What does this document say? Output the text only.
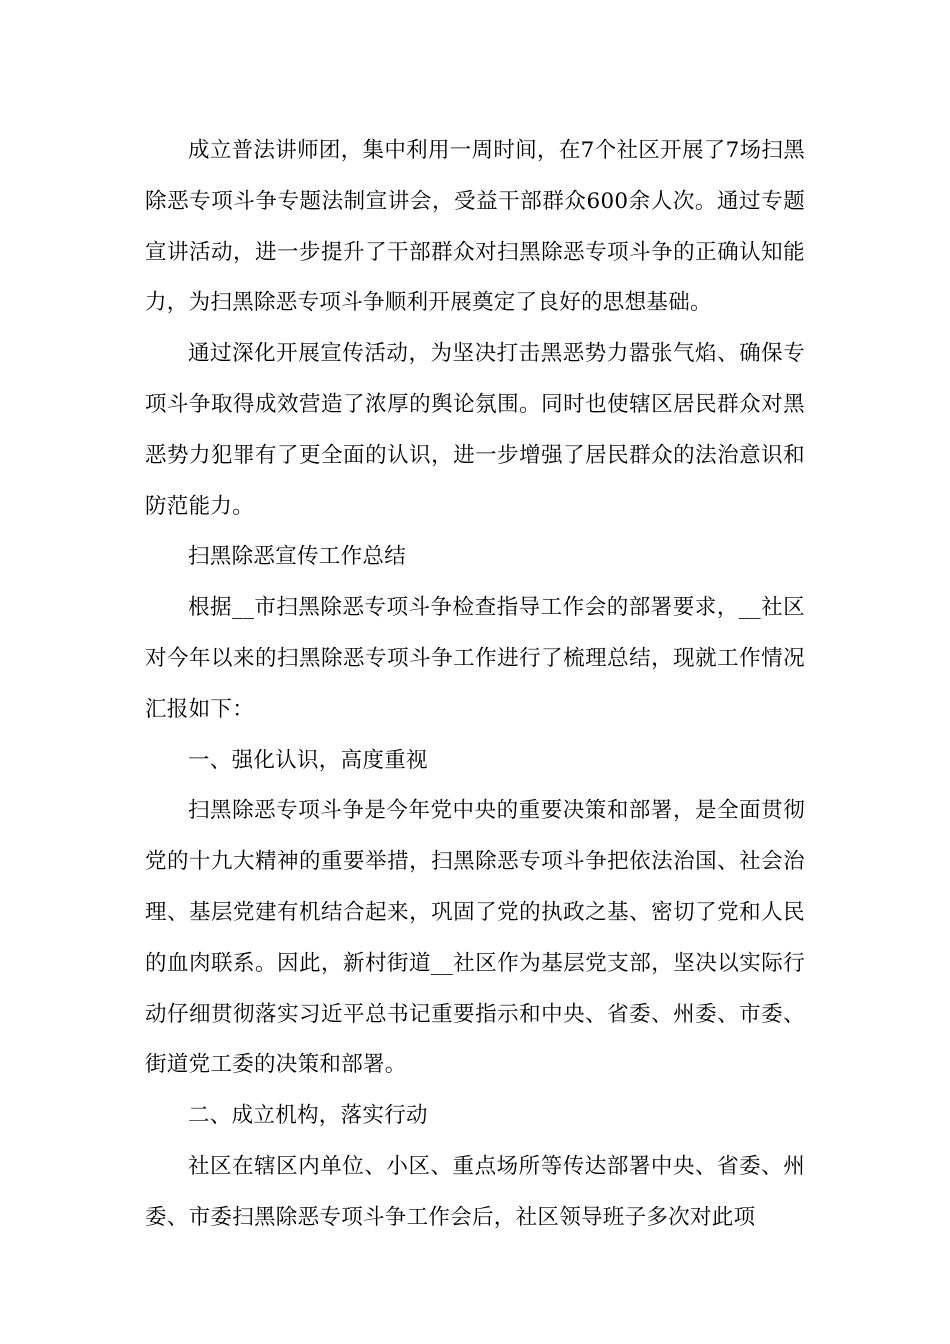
成立普法讲师团，集中利用一周时间，在7个社区开展了7场扫黑除恶专项斗争专题法制宣讲会，受益干部群众600余人次。通过专题宣讲活动，进一步提升了干部群众对扫黑除恶专项斗争的正确认知能力，为扫黑除恶专项斗争顺利开展奠定了良好的思想基础。

通过深化开展宣传活动，为坚决打击黑恶势力嚣张气焰、确保专项斗争取得成效营造了浓厚的舆论氛围。同时也使辖区居民群众对黑恶势力犯罪有了更全面的认识，进一步增强了居民群众的法治意识和防范能力。

扫黑除恶宣传工作总结

根据__市扫黑除恶专项斗争检查指导工作会的部署要求，__社区对今年以来的扫黑除恶专项斗争工作进行了梳理总结，现就工作情况汇报如下：

一、强化认识，高度重视

扫黑除恶专项斗争是今年党中央的重要决策和部署，是全面贯彻党的十九大精神的重要举措，扫黑除恶专项斗争把依法治国、社会治理、基层党建有机结合起来，巩固了党的执政之基、密切了党和人民的血肉联系。因此，新村街道__社区作为基层党支部，坚决以实际行动仔细贯彻落实习近平总书记重要指示和中央、省委、州委、市委、街道党工委的决策和部署。

二、成立机构，落实行动

社区在辖区内单位、小区、重点场所等传达部署中央、省委、州委、市委扫黑除恶专项斗争工作会后，社区领导班子多次对此项
